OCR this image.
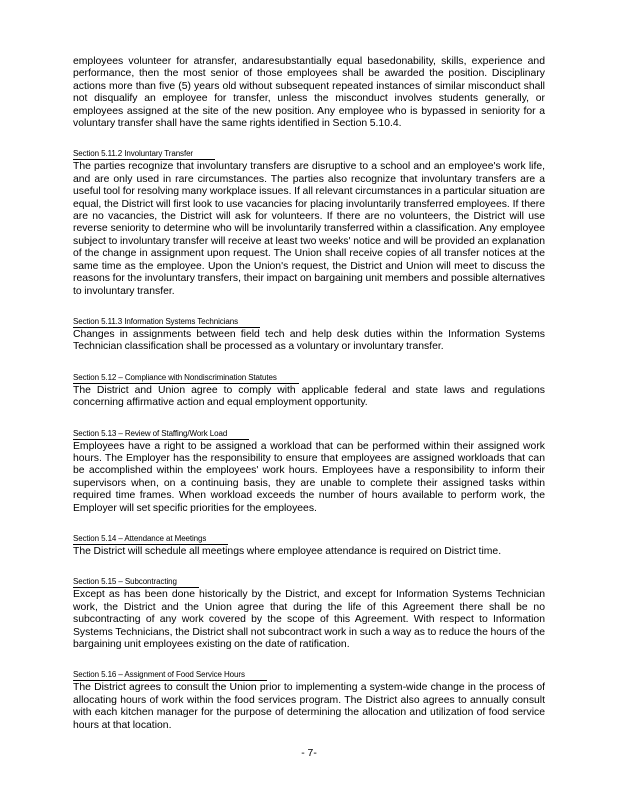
employees volunteer for atransfer, andaresubstantially equal basedonability, skills, experience and performance, then the most senior of those employees shall be awarded the position. Disciplinary actions more than five (5) years old without subsequent repeated instances of similar misconduct shall not disqualify an employee for transfer, unless the misconduct involves students generally, or employees assigned at the site of the new position. Any employee who is bypassed in seniority for a voluntary transfer shall have the same rights identified in Section 5.10.4.

Section 5.11.2 Involuntary Transfer

The parties recognize that involuntary transfers are disruptive to a school and an employee's work life, and are only used in rare circumstances. The parties also recognize that involuntary transfers are a useful tool for resolving many workplace issues. If all relevant circumstances in a particular situation are equal, the District will first look to use vacancies for placing involuntarily transferred employees. If there are no vacancies, the District will ask for volunteers. If there are no volunteers, the District will use reverse seniority to determine who will be involuntarily transferred within a classification. Any employee subject to involuntary transfer will receive at least two weeks' notice and will be provided an explanation of the change in assignment upon request. The Union shall receive copies of all transfer notices at the same time as the employee. Upon the Union's request, the District and Union will meet to discuss the reasons for the involuntary transfers, their impact on bargaining unit members and possible alternatives to involuntary transfer.

Section 5.11.3 Information Systems Technicians

Changes in assignments between field tech and help desk duties within the Information Systems Technician classification shall be processed as a voluntary or involuntary transfer.

Section 5.12 – Compliance with Nondiscrimination Statutes

The District and Union agree to comply with applicable federal and state laws and regulations concerning affirmative action and equal employment opportunity.

Section 5.13 – Review of Staffing/Work Load

Employees have a right to be assigned a workload that can be performed within their assigned work hours. The Employer has the responsibility to ensure that employees are assigned workloads that can be accomplished within the employees' work hours. Employees have a responsibility to inform their supervisors when, on a continuing basis, they are unable to complete their assigned tasks within required time frames. When workload exceeds the number of hours available to perform work, the Employer will set specific priorities for the employees.

Section 5.14 – Attendance at Meetings

The District will schedule all meetings where employee attendance is required on District time.

Section 5.15 – Subcontracting

Except as has been done historically by the District, and except for Information Systems Technician work, the District and the Union agree that during the life of this Agreement there shall be no subcontracting of any work covered by the scope of this Agreement. With respect to Information Systems Technicians, the District shall not subcontract work in such a way as to reduce the hours of the bargaining unit employees existing on the date of ratification.

Section 5.16 – Assignment of Food Service Hours

The District agrees to consult the Union prior to implementing a system-wide change in the process of allocating hours of work within the food services program. The District also agrees to annually consult with each kitchen manager for the purpose of determining the allocation and utilization of food service hours at that location.

- 7-
